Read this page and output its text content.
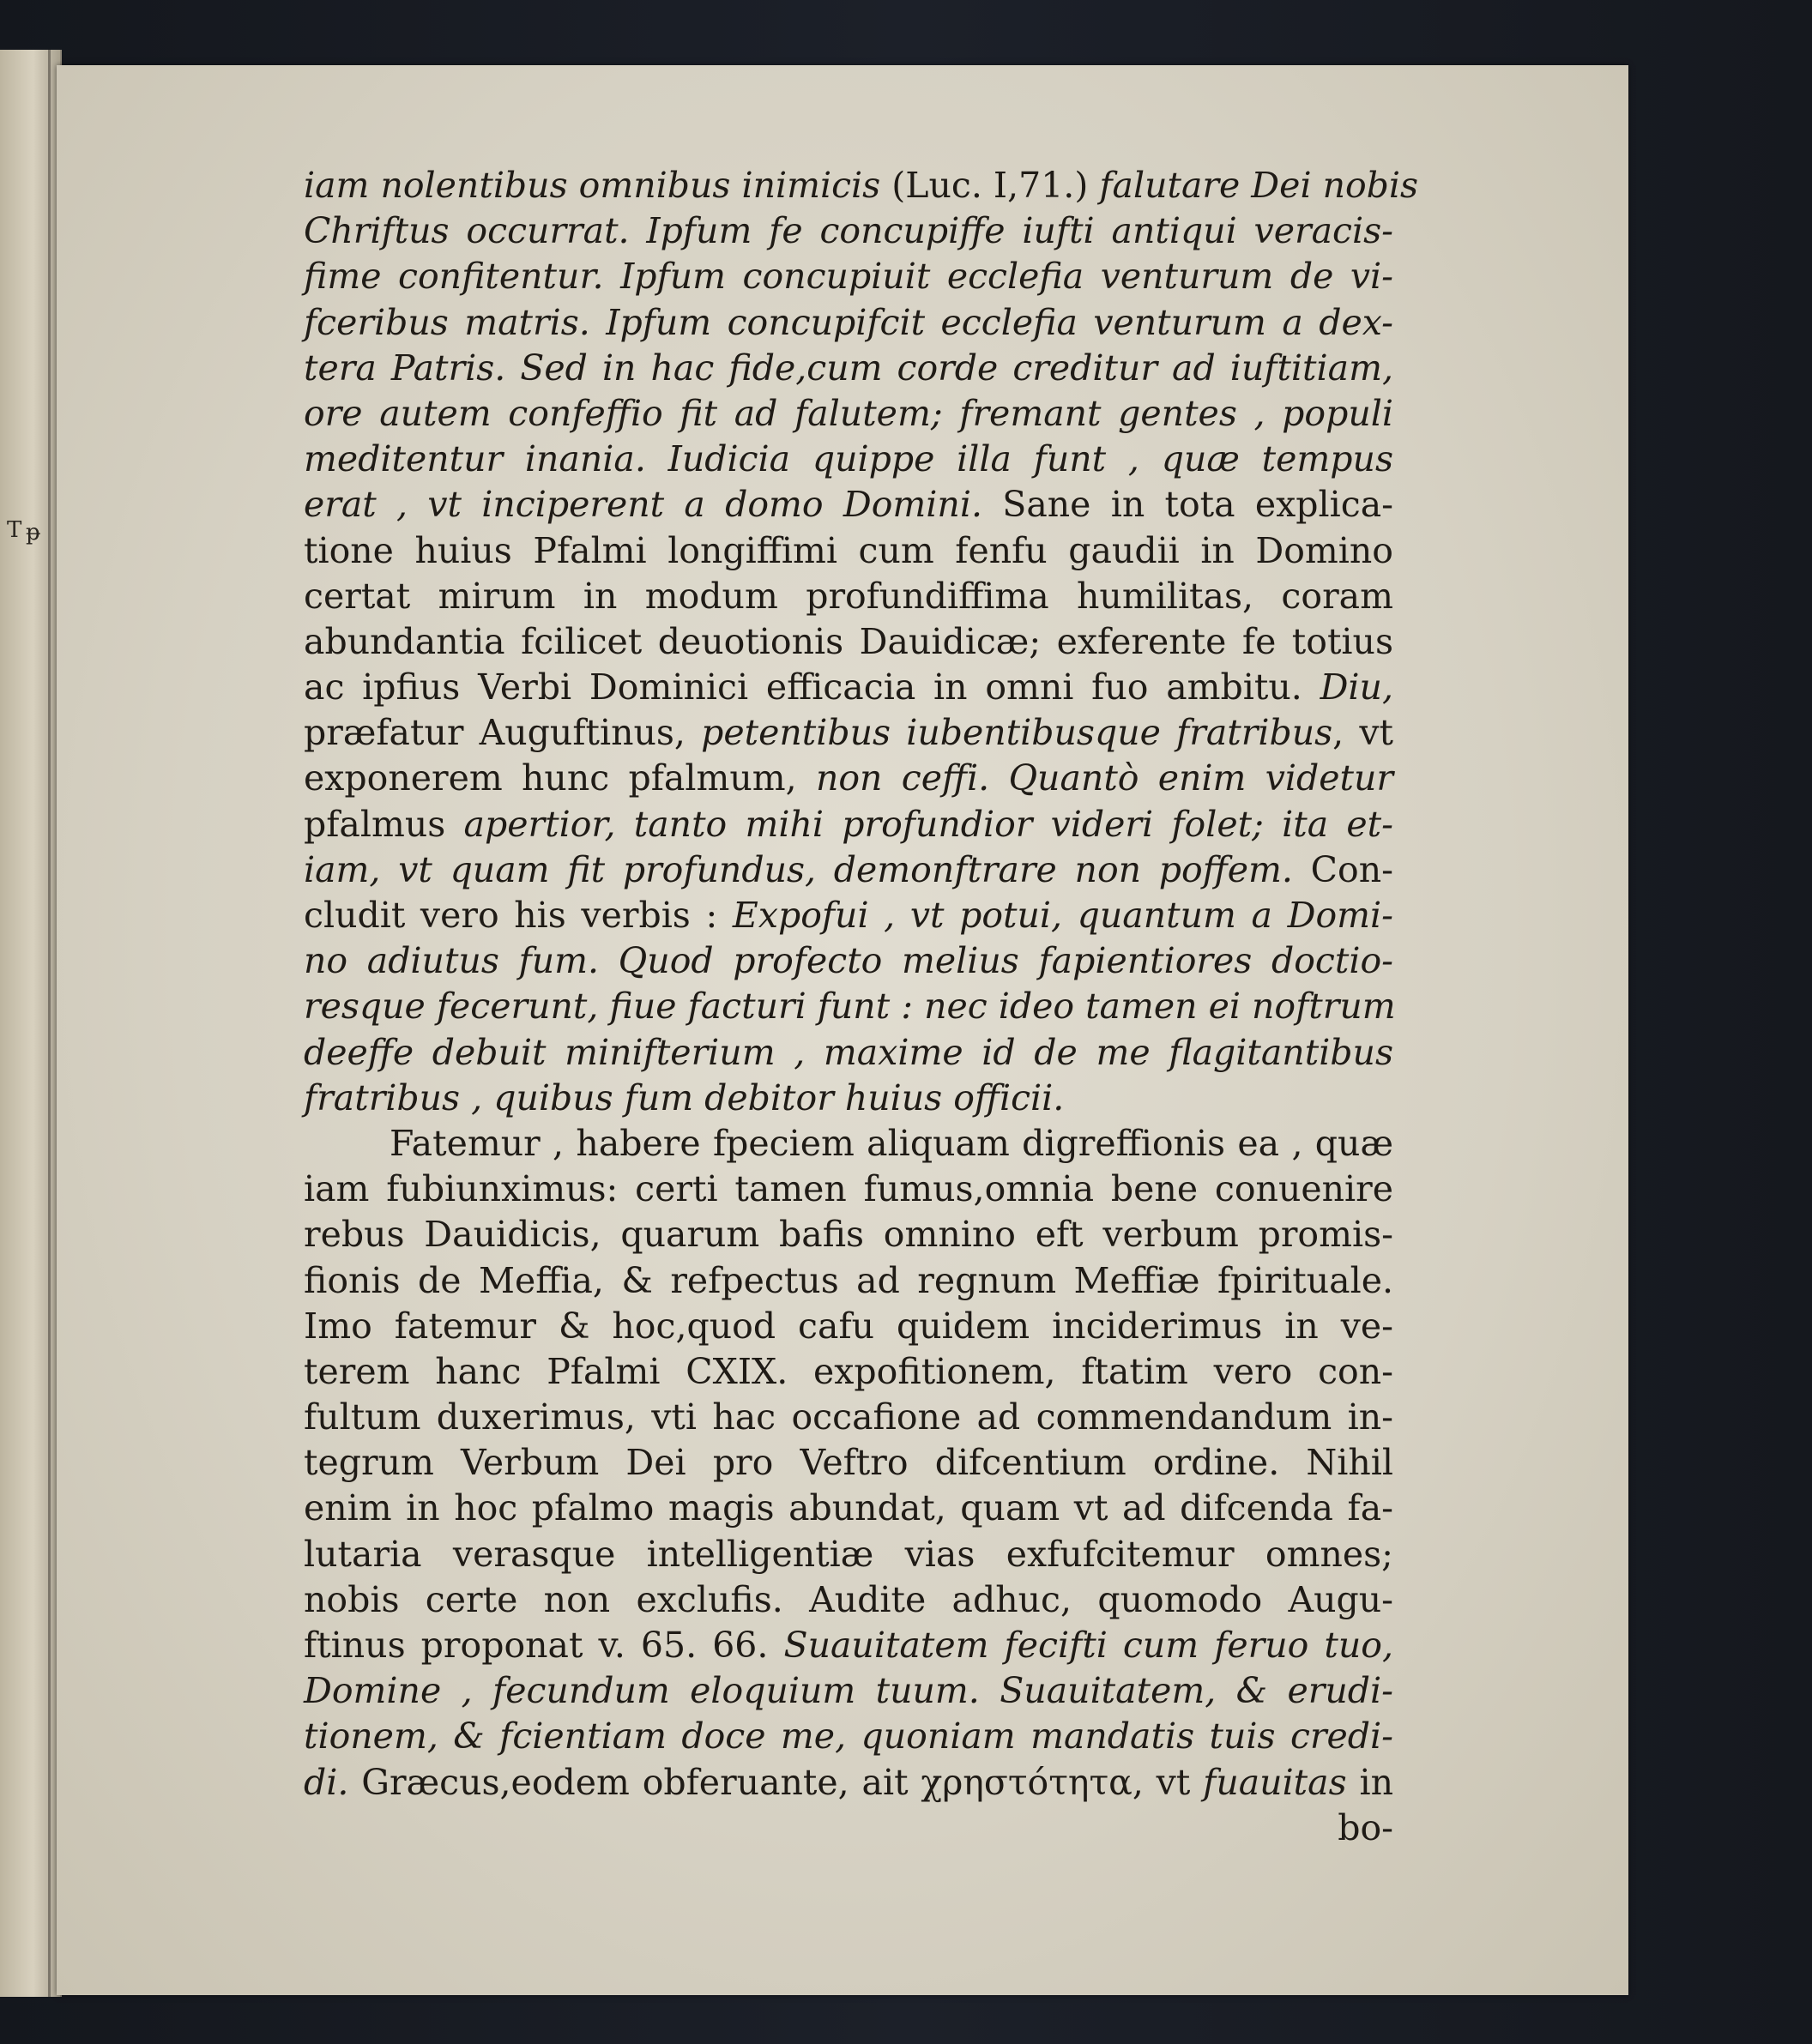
T ᵽ
iam nolentibus omnibus inimicis (Luc. I,71.) falutare Dei nobis
Chriftus occurrat. Ipfum fe concupiffe iufti antiqui veracis-
fime confitentur. Ipfum concupiuit ecclefia venturum de vi-
fceribus matris. Ipfum concupifcit ecclefia venturum a dex-
tera Patris. Sed in hac fide,cum corde creditur ad iuftitiam,
ore autem confeffio fit ad falutem; fremant gentes , populi
meditentur inania. Iudicia quippe illa funt , quæ tempus
erat , vt inciperent a domo Domini. Sane in tota explica-
tione huius Pfalmi longiffimi cum fenfu gaudii in Domino
certat mirum in modum profundiffima humilitas, coram
abundantia fcilicet deuotionis Dauidicæ; exferente fe totius
ac ipfius Verbi Dominici efficacia in omni fuo ambitu. Diu,
præfatur Auguftinus, petentibus iubentibusque fratribus, vt
exponerem hunc pfalmum, non ceffi. Quantò enim videtur
pfalmus apertior, tanto mihi profundior videri folet; ita et-
iam, vt quam fit profundus, demonftrare non poffem. Con-
cludit vero his verbis : Expofui , vt potui, quantum a Domi-
no adiutus fum. Quod profecto melius fapientiores doctio-
resque fecerunt, fiue facturi funt : nec ideo tamen ei noftrum
deeffe debuit minifterium , maxime id de me flagitantibus
fratribus , quibus fum debitor huius officii.
Fatemur , habere fpeciem aliquam digreffionis ea , quæ
iam fubiunximus: certi tamen fumus,omnia bene conuenire
rebus Dauidicis, quarum bafis omnino eft verbum promis-
fionis de Meffia, & refpectus ad regnum Meffiæ fpirituale.
Imo fatemur & hoc,quod cafu quidem inciderimus in ve-
terem hanc Pfalmi CXIX. expofitionem, ftatim vero con-
fultum duxerimus, vti hac occafione ad commendandum in-
tegrum Verbum Dei pro Veftro difcentium ordine. Nihil
enim in hoc pfalmo magis abundat, quam vt ad difcenda fa-
lutaria verasque intelligentiæ vias exfufcitemur omnes;
nobis certe non exclufis. Audite adhuc, quomodo Augu-
ftinus proponat v. 65. 66. Suauitatem fecifti cum feruo tuo,
Domine , fecundum eloquium tuum. Suauitatem, & erudi-
tionem, & fcientiam doce me, quoniam mandatis tuis credi-
di. Græcus,eodem obferuante, ait χρηστότητα, vt fuauitas in
bo-
